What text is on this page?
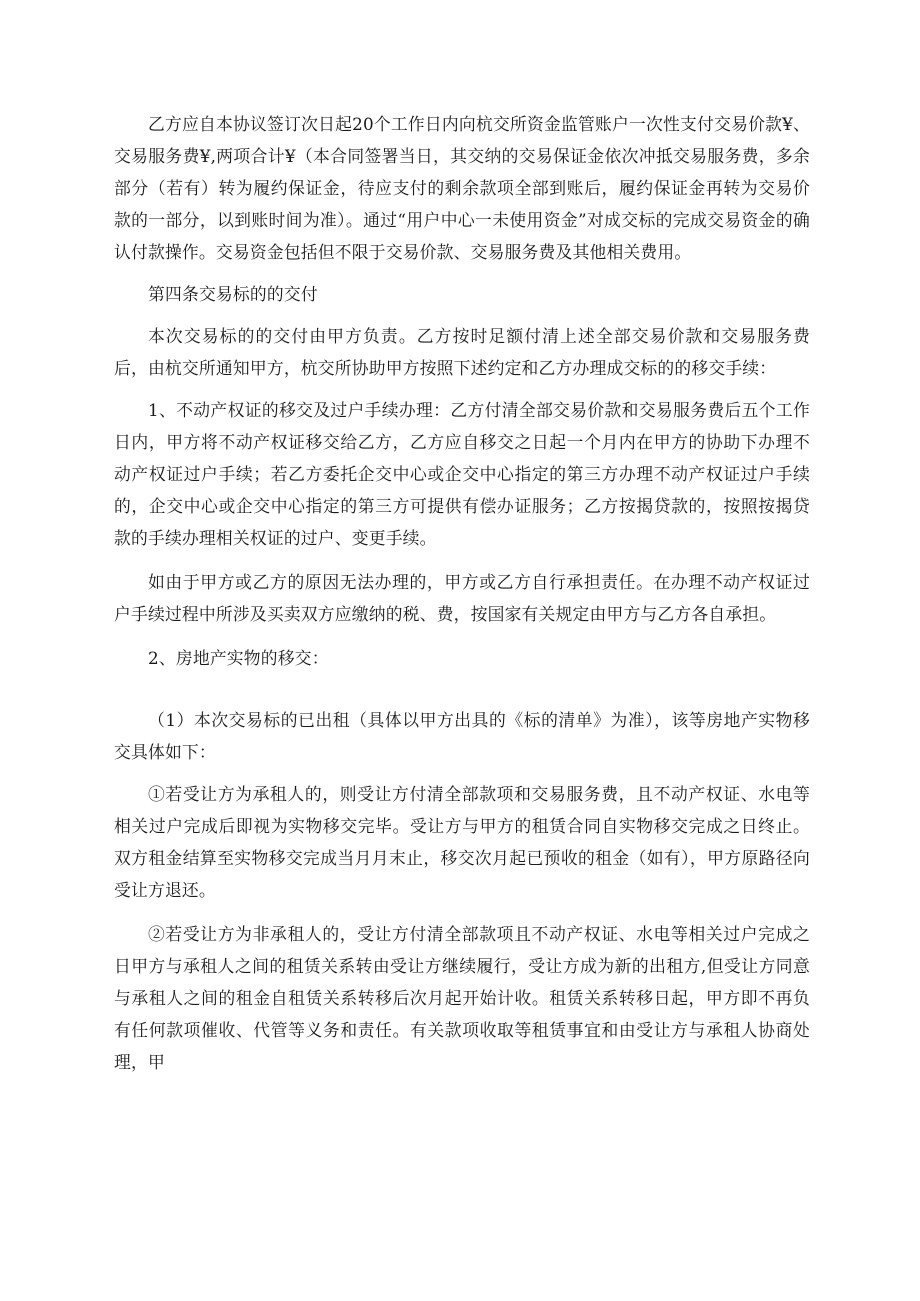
乙方应自本协议签订次日起20个工作日内向杭交所资金监管账户一次性支付交易价款¥、交易服务费¥,两项合计¥（本合同签署当日，其交纳的交易保证金依次冲抵交易服务费，多余部分（若有）转为履约保证金，待应支付的剩余款项全部到账后，履约保证金再转为交易价款的一部分，以到账时间为准）。通过“用户中心一未使用资金”对成交标的完成交易资金的确认付款操作。交易资金包括但不限于交易价款、交易服务费及其他相关费用。

第四条交易标的的交付

本次交易标的的交付由甲方负责。乙方按时足额付清上述全部交易价款和交易服务费后，由杭交所通知甲方，杭交所协助甲方按照下述约定和乙方办理成交标的的移交手续：

1、不动产权证的移交及过户手续办理：乙方付清全部交易价款和交易服务费后五个工作日内，甲方将不动产权证移交给乙方，乙方应自移交之日起一个月内在甲方的协助下办理不动产权证过户手续；若乙方委托企交中心或企交中心指定的第三方办理不动产权证过户手续的，企交中心或企交中心指定的第三方可提供有偿办证服务；乙方按揭贷款的，按照按揭贷款的手续办理相关权证的过户、变更手续。

如由于甲方或乙方的原因无法办理的，甲方或乙方自行承担责任。在办理不动产权证过户手续过程中所涉及买卖双方应缴纳的税、费，按国家有关规定由甲方与乙方各自承担。

2、房地产实物的移交：

（1）本次交易标的已出租（具体以甲方出具的《标的清单》为准），该等房地产实物移交具体如下：

①若受让方为承租人的，则受让方付清全部款项和交易服务费，且不动产权证、水电等相关过户完成后即视为实物移交完毕。受让方与甲方的租赁合同自实物移交完成之日终止。双方租金结算至实物移交完成当月月末止，移交次月起已预收的租金（如有），甲方原路径向受让方退还。

②若受让方为非承租人的，受让方付清全部款项且不动产权证、水电等相关过户完成之日甲方与承租人之间的租赁关系转由受让方继续履行，受让方成为新的出租方,但受让方同意与承租人之间的租金自租赁关系转移后次月起开始计收。租赁关系转移日起，甲方即不再负有任何款项催收、代管等义务和责任。有关款项收取等租赁事宜和由受让方与承租人协商处理，甲
